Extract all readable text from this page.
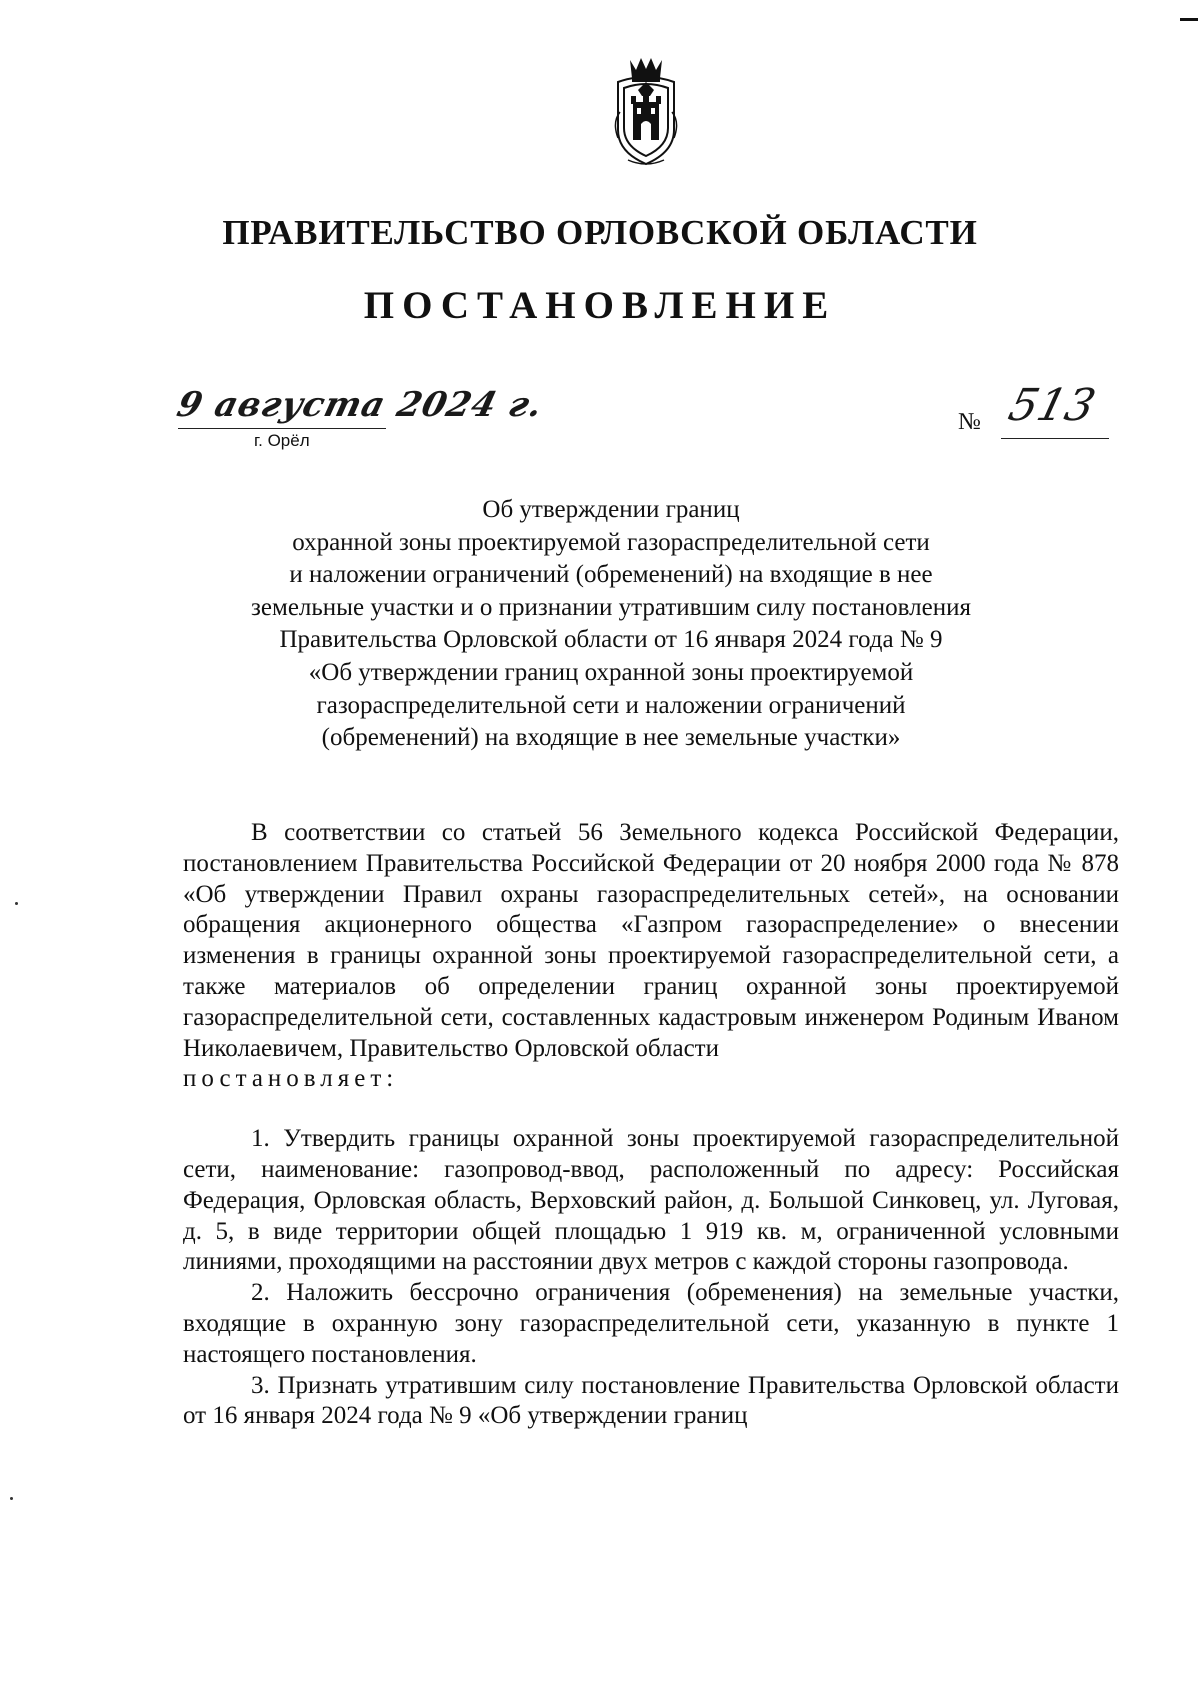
ПРАВИТЕЛЬСТВО ОРЛОВСКОЙ ОБЛАСТИ
ПОСТАНОВЛЕНИЕ
9 августа 2024 г.
г. Орёл
№ 513
Об утверждении границ
охранной зоны проектируемой газораспределительной сети
и наложении ограничений (обременений) на входящие в нее
земельные участки и о признании утратившим силу постановления
Правительства Орловской области от 16 января 2024 года № 9
«Об утверждении границ охранной зоны проектируемой
газораспределительной сети и наложении ограничений
(обременений) на входящие в нее земельные участки»
В соответствии со статьей 56 Земельного кодекса Российской Федерации, постановлением Правительства Российской Федерации от 20 ноября 2000 года № 878 «Об утверждении Правил охраны газораспределительных сетей», на основании обращения акционерного общества «Газпром газораспределение» о внесении изменения в границы охранной зоны проектируемой газораспределительной сети, а также материалов об определении границ охранной зоны проектируемой газораспределительной сети, составленных кадастровым инженером Родиным Иваном Николаевичем, Правительство Орловской области
постановляет:
1. Утвердить границы охранной зоны проектируемой газораспределительной сети, наименование: газопровод-ввод, расположенный по адресу: Российская Федерация, Орловская область, Верховский район, д. Большой Синковец, ул. Луговая, д. 5, в виде территории общей площадью 1 919 кв. м, ограниченной условными линиями, проходящими на расстоянии двух метров с каждой стороны газопровода.
2. Наложить бессрочно ограничения (обременения) на земельные участки, входящие в охранную зону газораспределительной сети, указанную в пункте 1 настоящего постановления.
3. Признать утратившим силу постановление Правительства Орловской области от 16 января 2024 года № 9 «Об утверждении границ
